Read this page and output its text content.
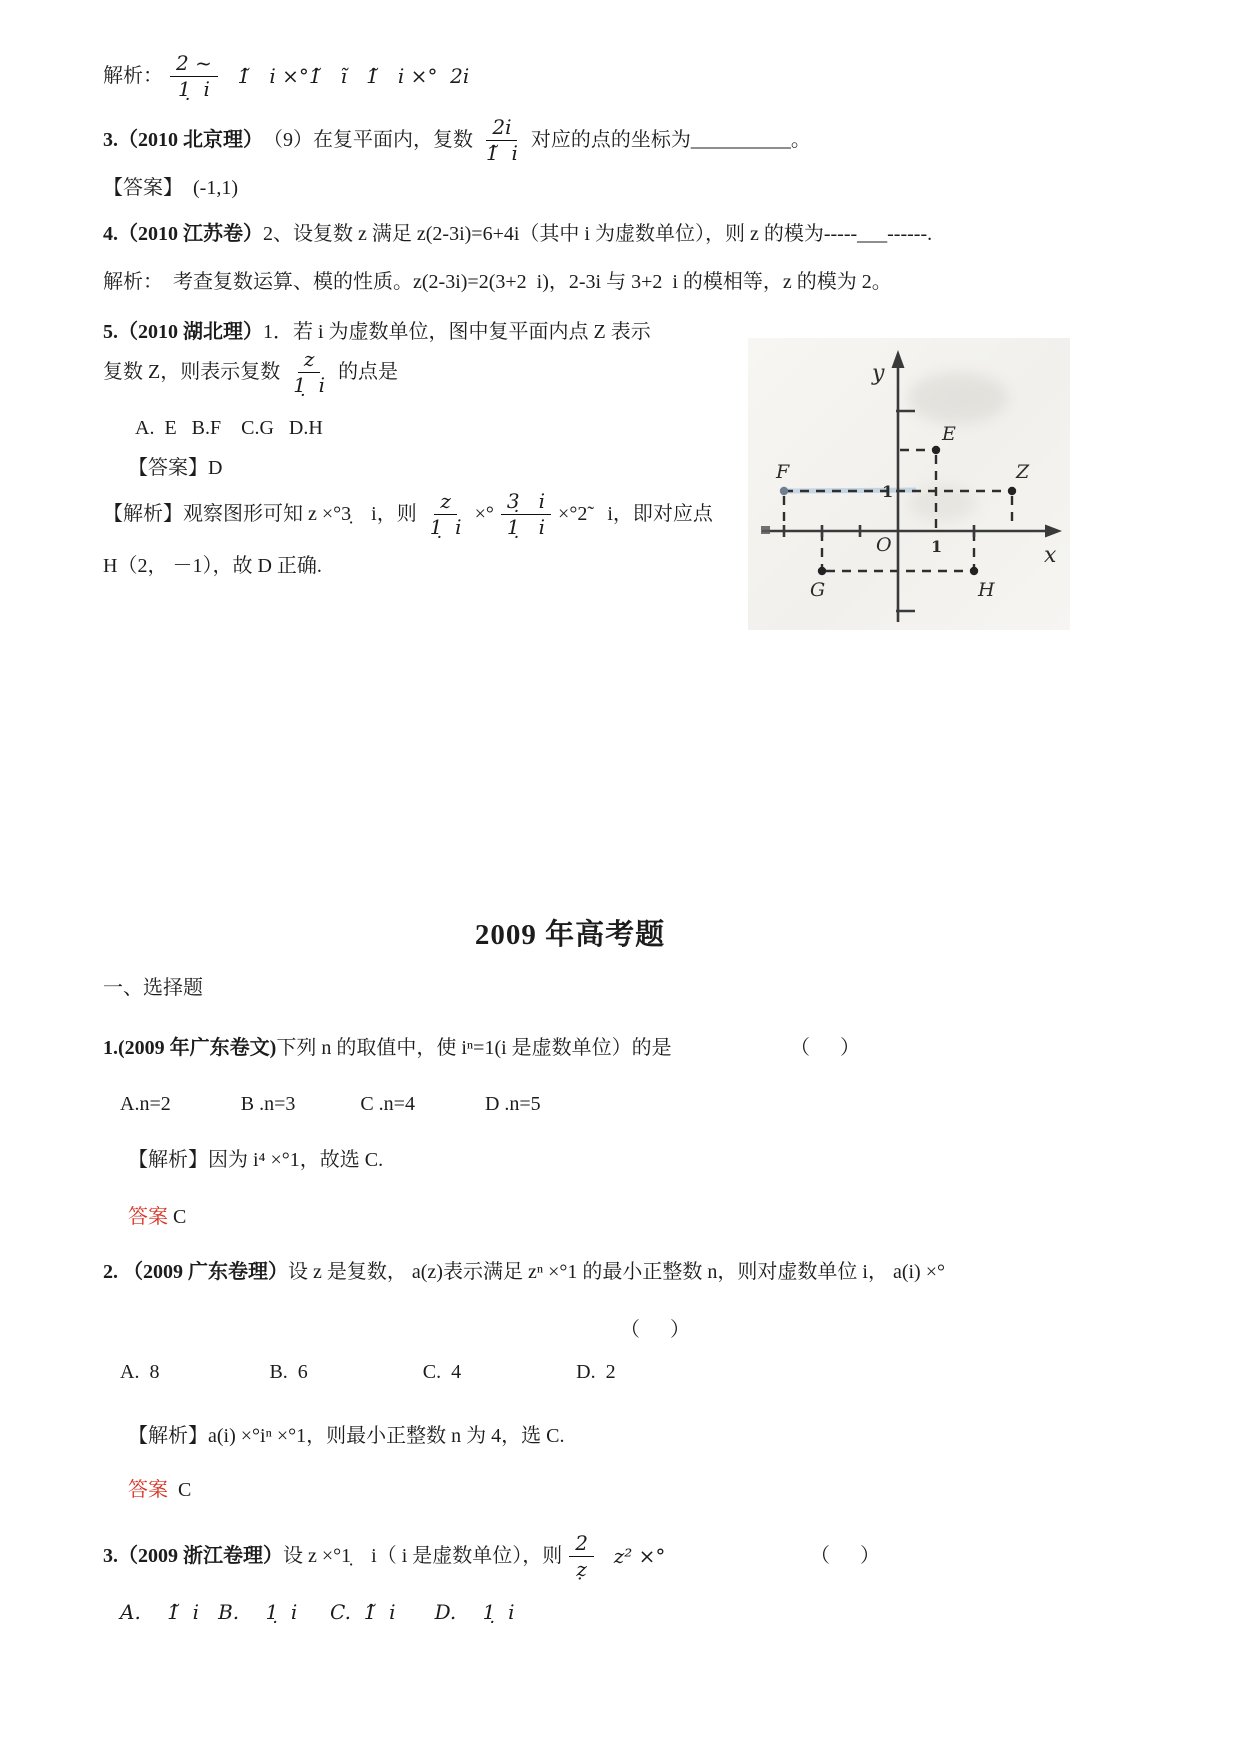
解析： $\frac{2 \sim}{1̣ i}$ 1̃   i ×°1̃   ĩ   1̃   i ×°  2i
3.（2010 北京理） （9）在复平面内，复数 $\frac{2i}{1̃ i}$ 对应的点的坐标为 __________ 。
【答案】　(-1,1)
4.（2010 江苏卷） 2、设复数 z 满足 z(2-3i)=6+4i（其中 i 为虚数单位），则 z 的模为-----___------.
解析：　考查复数运算、模的性质。z(2-3i)=2(3+2  i)，2-3i 与 3+2  i 的模相等，z 的模为 2。
5.（2010 湖北理） 1．若 i 为虚数单位，图中复平面内点 Z 表示
复数 Z，则表示复数 $\frac{z}{1̣ i}$ 的点是
A.  E   B.F    C.G   D.H
【答案】D
【解析】观察图形可知 z ×°3̣　i，则 $\frac{z}{1̣ i}$ ×° $\frac{3̣ i}{1̣ i}$ ×°2̃　i，即对应点
H（2， －1），故 D 正确.
E
F	Z
G	H
y
x
O 1
1
2009 年高考题
一、选择题
1.(2009 年广东卷文) 下列 n 的取值中，使 iⁿ=1(i 是虚数单位）的是	（      ）
A.n=2              B .n=3             C .n=4              D .n=5
【解析】因为 i⁴ ×°1，故选 C.
答案 C
2. （2009 广东卷理） 设 z 是复数， a(z)表示满足 zⁿ ×°1 的最小正整数 n，则对虚数单位 i， a(i) ×°
（      ）
A.  8                      B.  6                       C.  4                       D.  2
【解析】a(i) ×°iⁿ ×°1，则最小正整数 n 为 4，选 C.
答案 C
3.（2009 浙江卷理） 设 z ×°1̣　i（ i 是虚数单位），则 $\frac{2}{ẓ} z^2$ ×°	（      ）
A.　 1̃  i   B.　 1̣  i　  C.  1̃  i　   D.　 1̣  i
